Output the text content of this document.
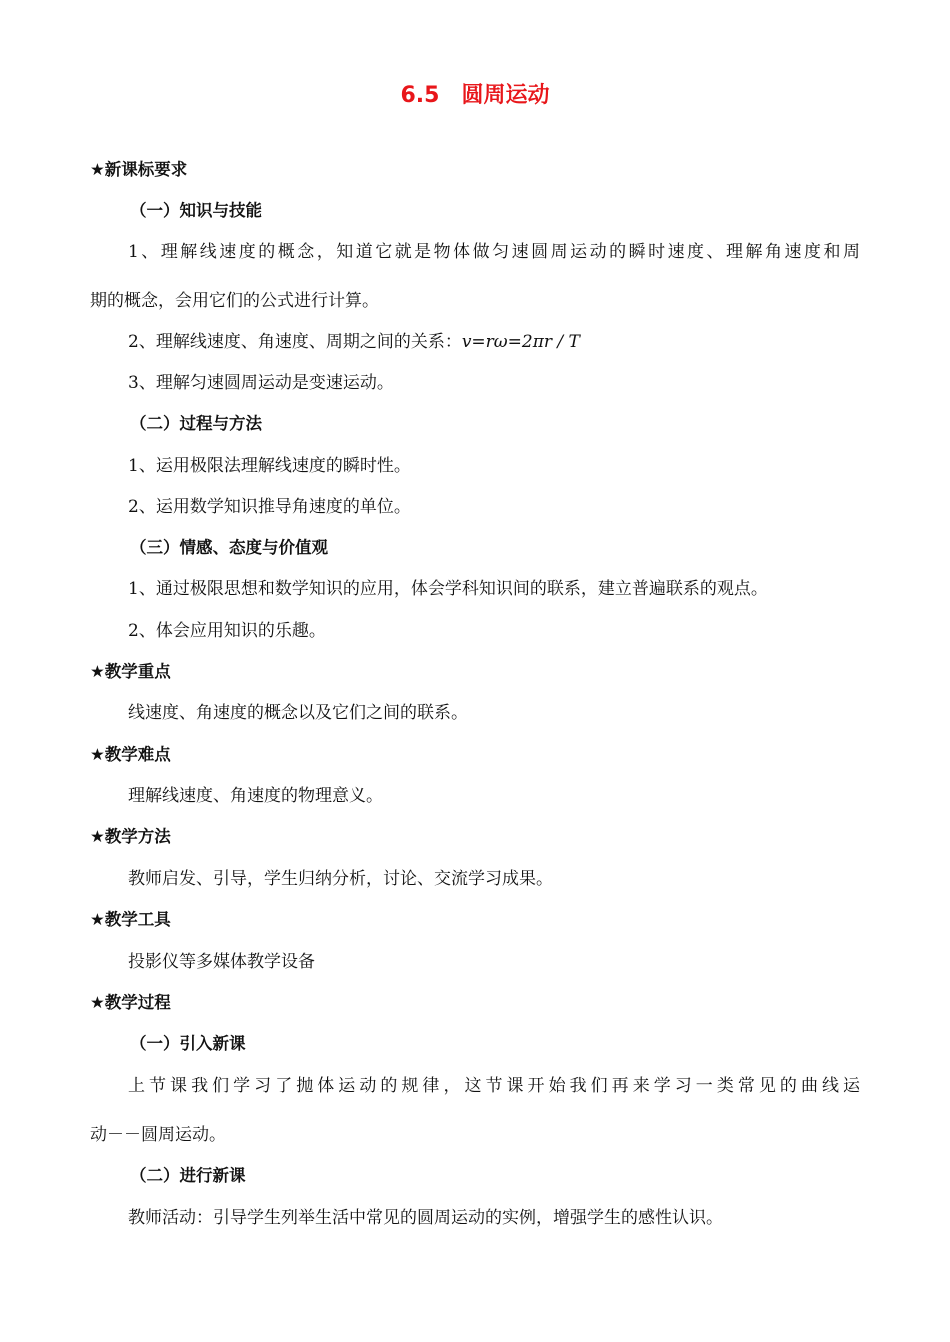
6.5　圆周运动
★新课标要求
（一）知识与技能
1、理解线速度的概念，知道它就是物体做匀速圆周运动的瞬时速度、理解角速度和周
期的概念，会用它们的公式进行计算。
2、理解线速度、角速度、周期之间的关系：v=rω=2πr / T
3、理解匀速圆周运动是变速运动。
（二）过程与方法
1、运用极限法理解线速度的瞬时性。
2、运用数学知识推导角速度的单位。
（三）情感、态度与价值观
1、通过极限思想和数学知识的应用，体会学科知识间的联系，建立普遍联系的观点。
2、体会应用知识的乐趣。
★教学重点
线速度、角速度的概念以及它们之间的联系。
★教学难点
理解线速度、角速度的物理意义。
★教学方法
教师启发、引导，学生归纳分析，讨论、交流学习成果。
★教学工具
投影仪等多媒体教学设备
★教学过程
（一）引入新课
上节课我们学习了抛体运动的规律，这节课开始我们再来学习一类常见的曲线运
动－－圆周运动。
（二）进行新课
教师活动：引导学生列举生活中常见的圆周运动的实例，增强学生的感性认识。
